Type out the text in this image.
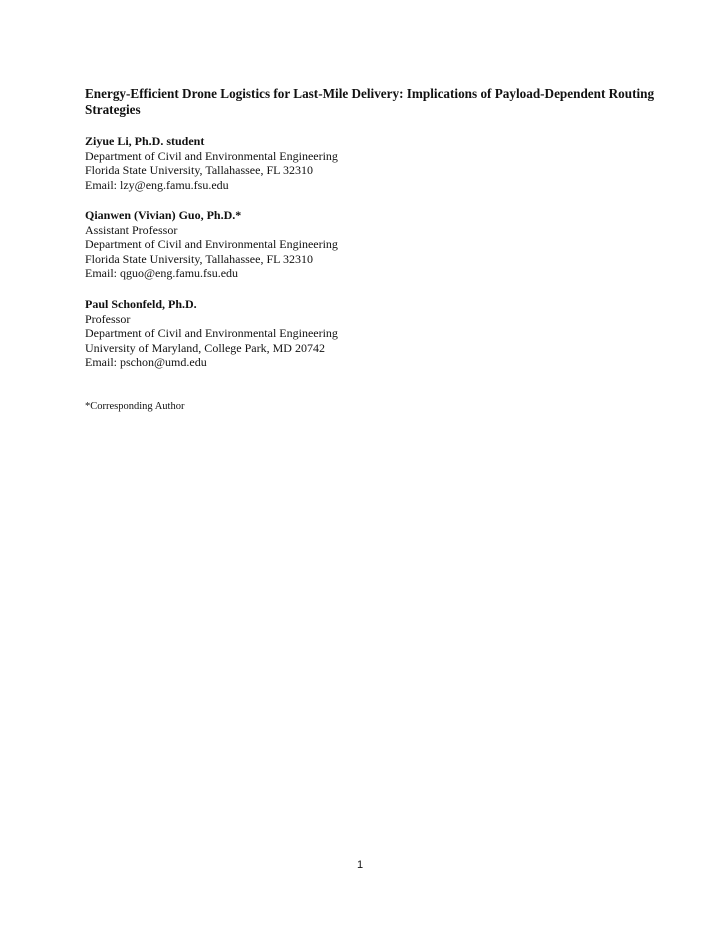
Energy-Efficient Drone Logistics for Last-Mile Delivery: Implications of Payload-Dependent Routing Strategies
Ziyue Li, Ph.D. student
Department of Civil and Environmental Engineering
Florida State University, Tallahassee, FL 32310
Email: lzy@eng.famu.fsu.edu
Qianwen (Vivian) Guo, Ph.D.*
Assistant Professor
Department of Civil and Environmental Engineering
Florida State University, Tallahassee, FL 32310
Email: qguo@eng.famu.fsu.edu
Paul Schonfeld, Ph.D.
Professor
Department of Civil and Environmental Engineering
University of Maryland, College Park, MD 20742
Email: pschon@umd.edu
*Corresponding Author
1
